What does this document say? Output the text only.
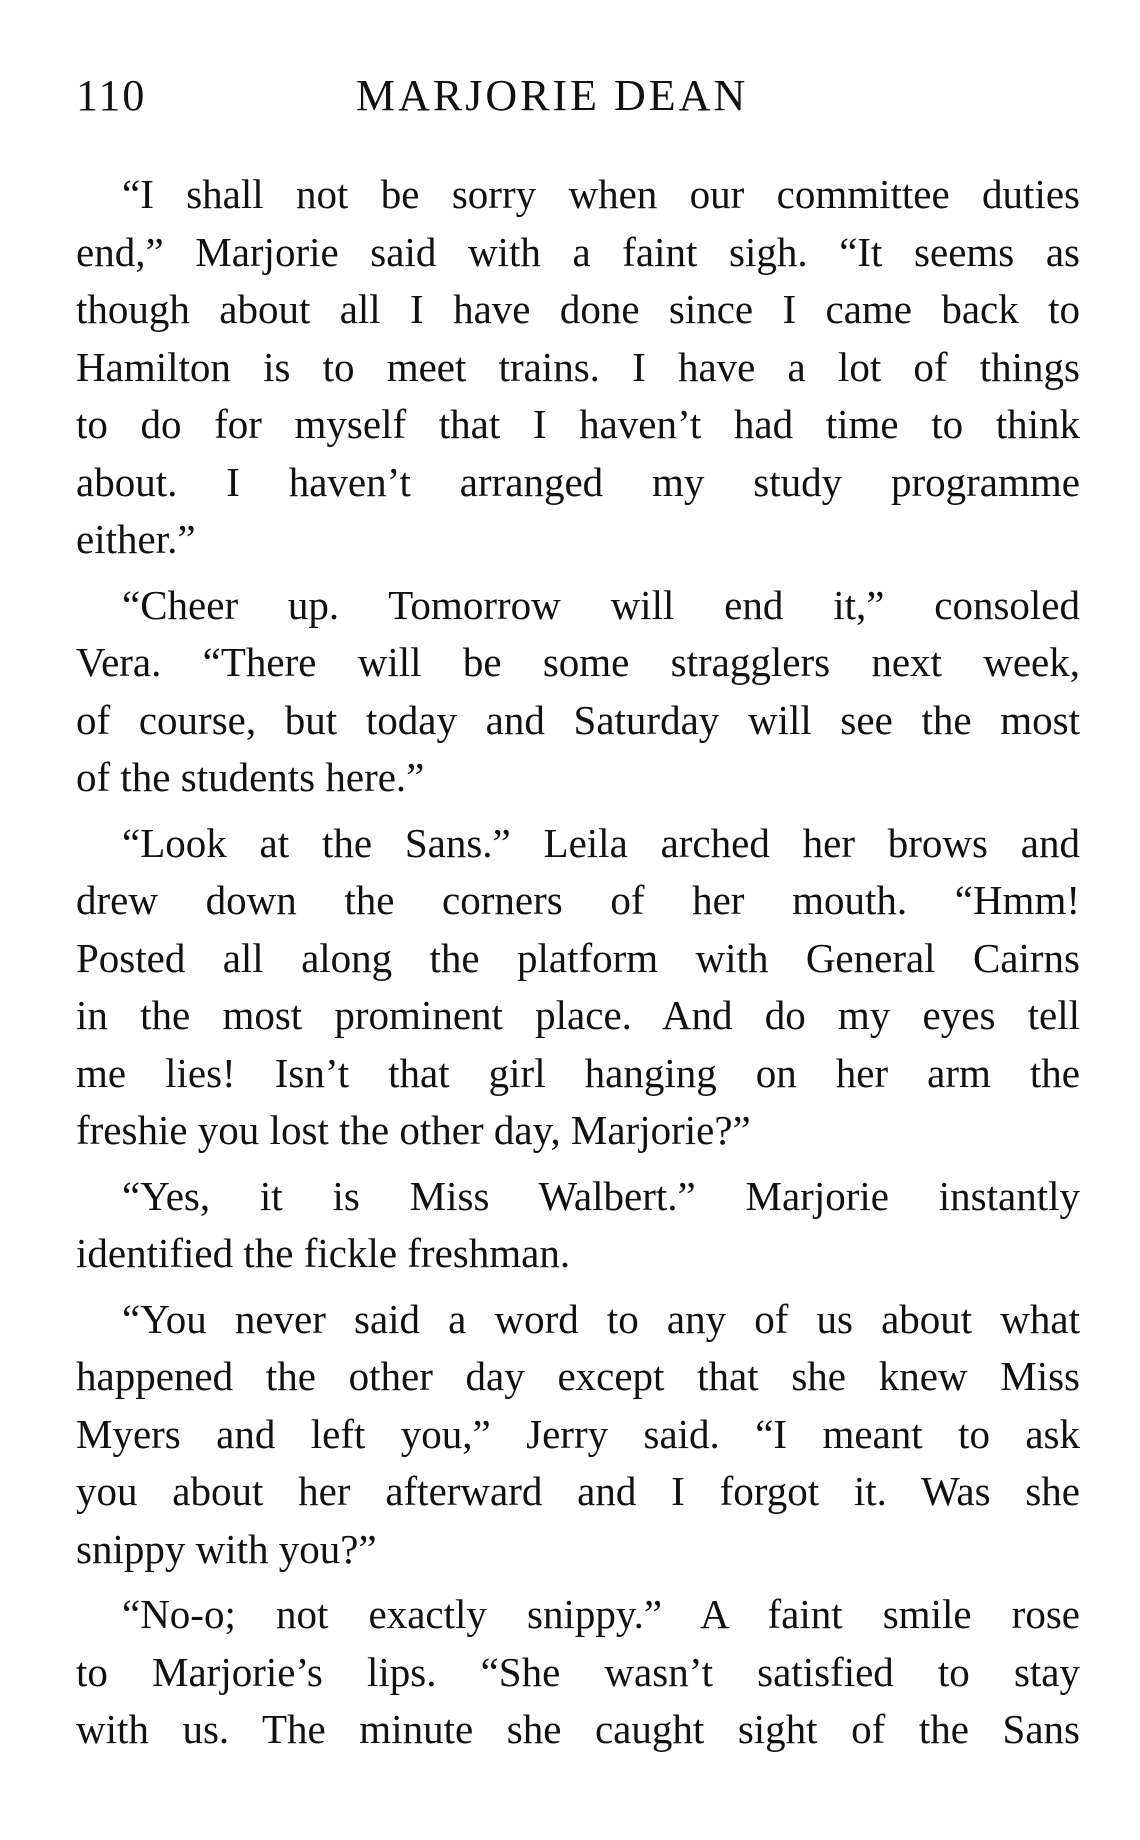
110	MARJORIE DEAN
“I shall not be sorry when our committee duties
end,” Marjorie said with a faint sigh. “It seems as
though about all I have done since I came back to
Hamilton is to meet trains. I have a lot of things
to do for myself that I haven’t had time to think
about. I haven’t arranged my study programme
either.”
“Cheer up. Tomorrow will end it,” consoled
Vera. “There will be some stragglers next week,
of course, but today and Saturday will see the most
of the students here.”
“Look at the Sans.” Leila arched her brows and
drew down the corners of her mouth. “Hmm!
Posted all along the platform with General Cairns
in the most prominent place. And do my eyes tell
me lies! Isn’t that girl hanging on her arm the
freshie you lost the other day, Marjorie?”
“Yes, it is Miss Walbert.” Marjorie instantly
identified the fickle freshman.
“You never said a word to any of us about what
happened the other day except that she knew Miss
Myers and left you,” Jerry said. “I meant to ask
you about her afterward and I forgot it. Was she
snippy with you?”
“No-o; not exactly snippy.” A faint smile rose
to Marjorie’s lips. “She wasn’t satisfied to stay
with us. The minute she caught sight of the Sans
